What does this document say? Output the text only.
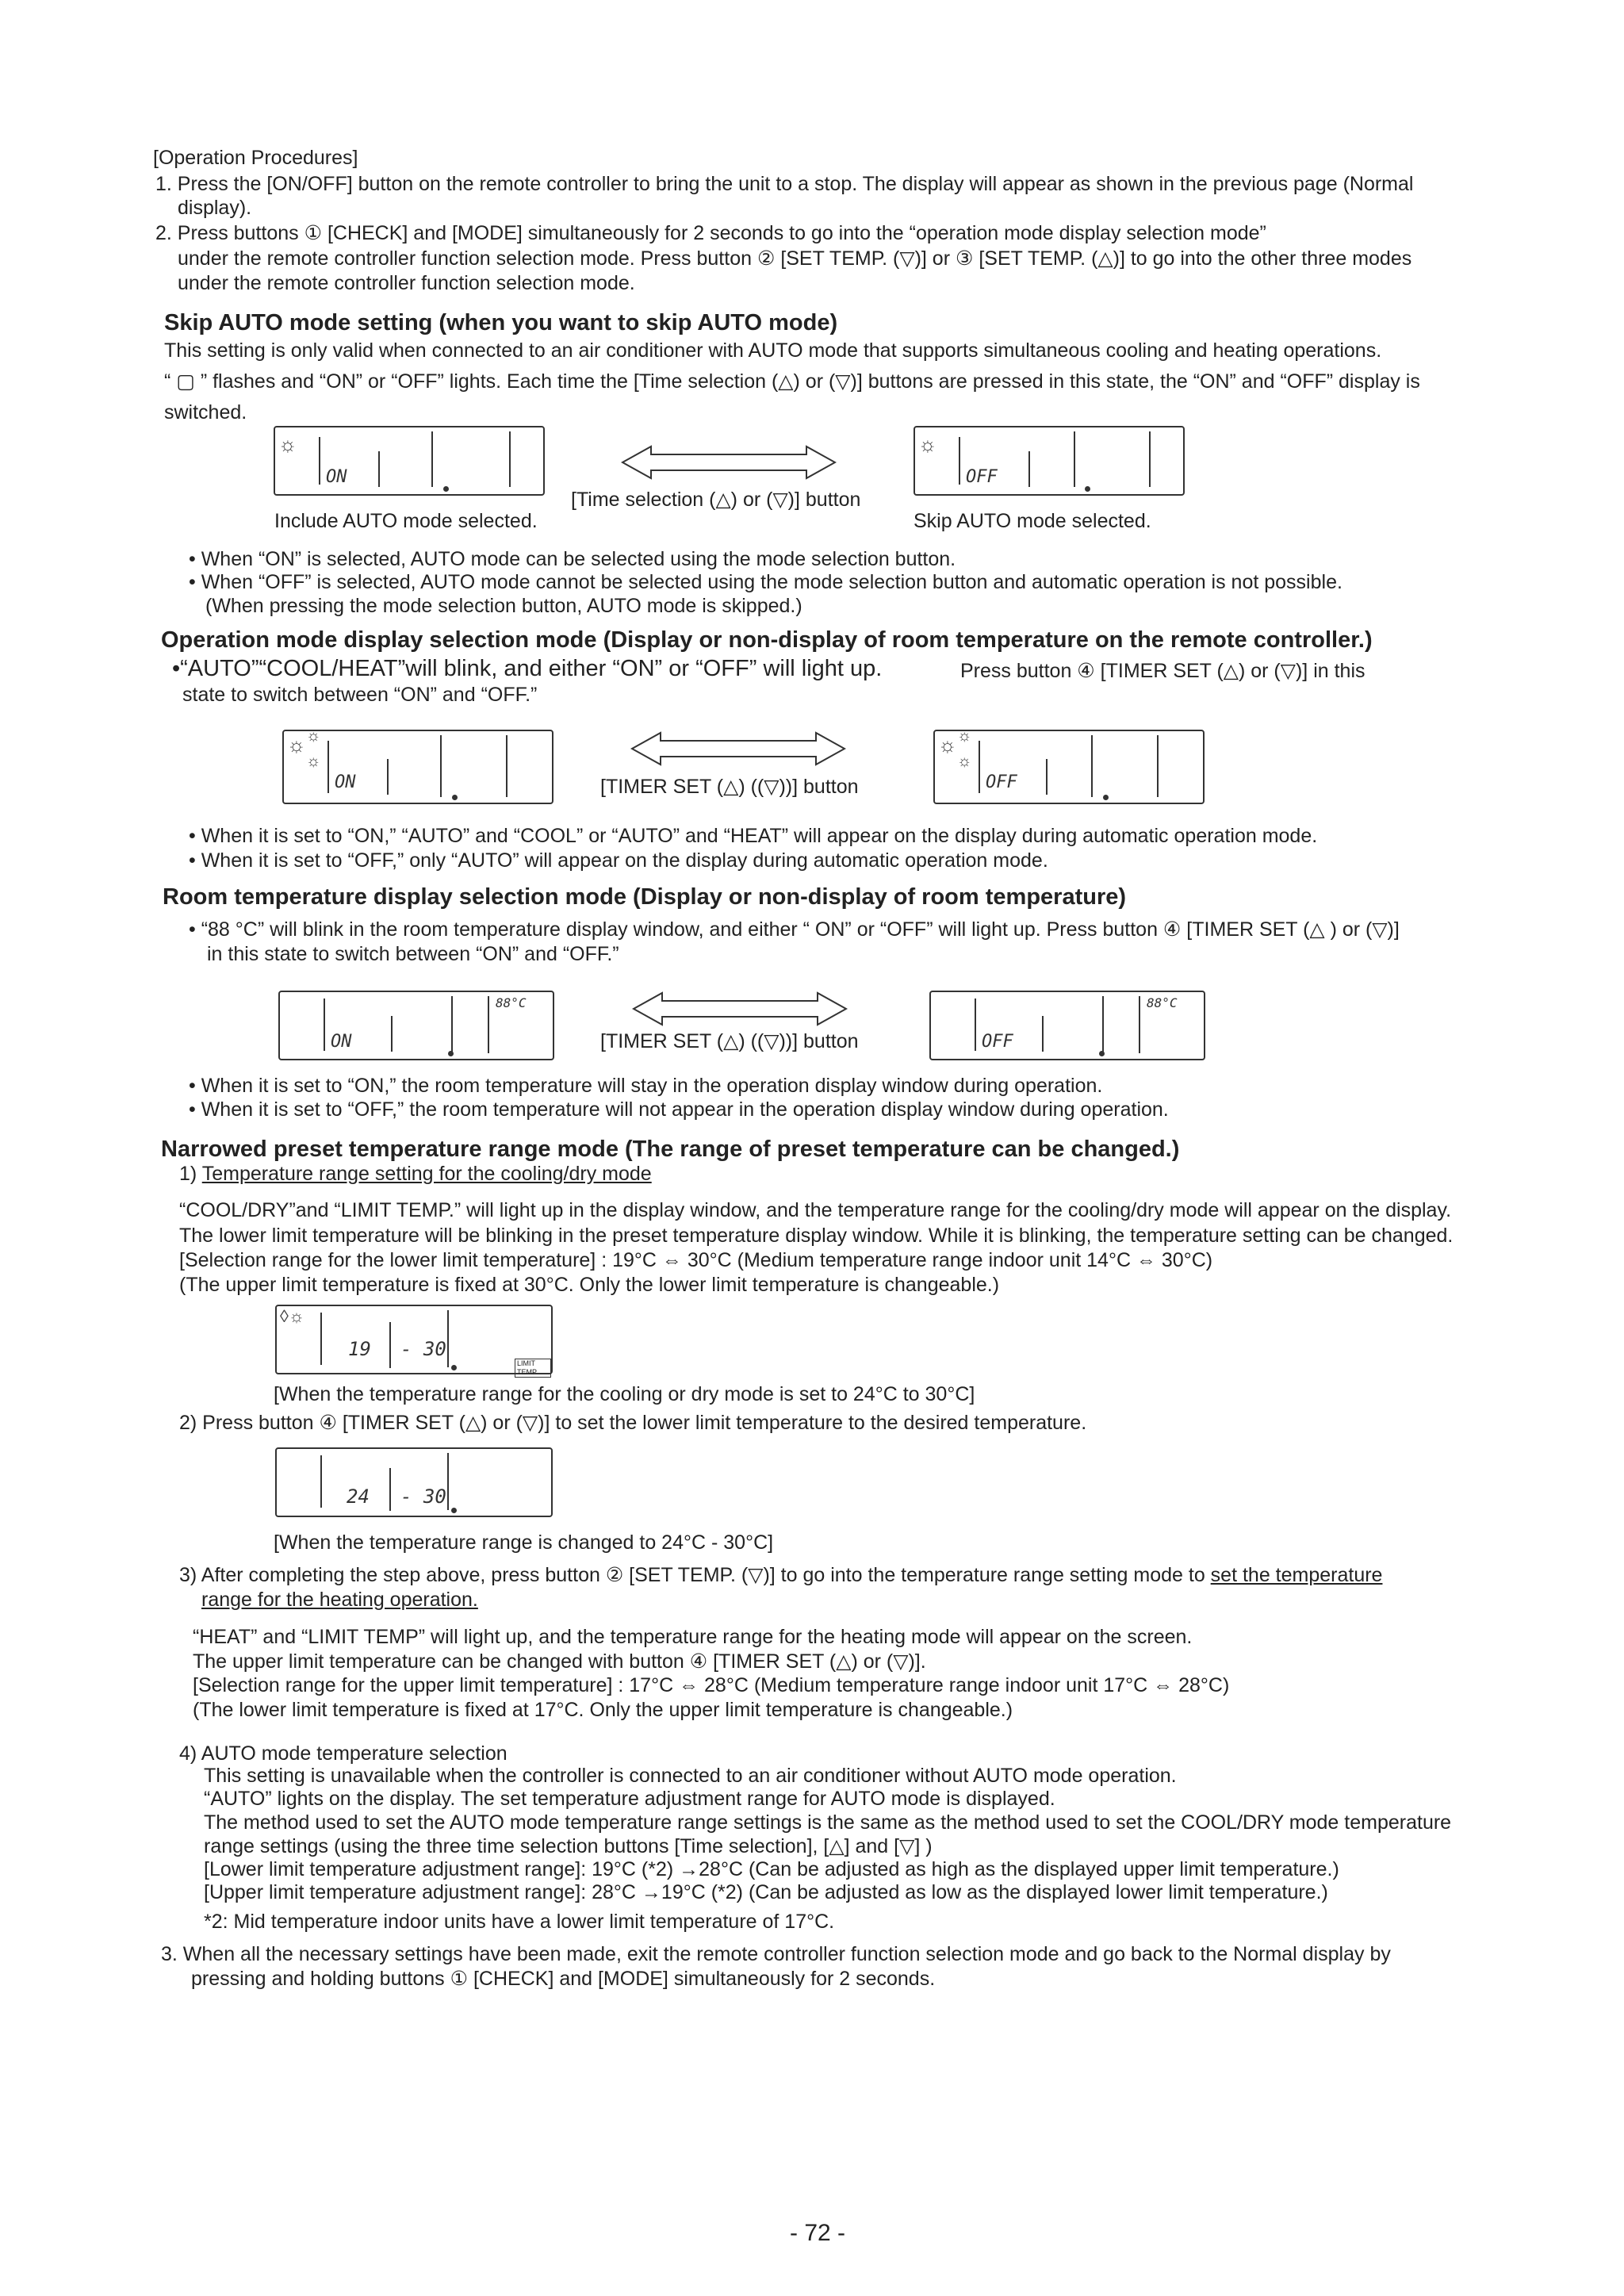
[Operation Procedures]
1. Press the [ON/OFF] button on the remote controller to bring the unit to a stop. The display will appear as shown in the previous page (Normal
display).
2. Press buttons ① [CHECK] and [MODE] simultaneously for 2 seconds to go into the “operation mode display selection mode”
under the remote controller function selection mode. Press button ② [SET TEMP. (▽)] or ③ [SET TEMP. (△)] to go into the other three modes
under the remote controller function selection mode.
Skip AUTO mode setting (when you want to skip AUTO mode)
This setting is only valid when connected to an air conditioner with AUTO mode that supports simultaneous cooling and heating operations.
“ ▢ ” flashes and “ON” or “OFF” lights. Each time the [Time selection (△) or (▽)] buttons are pressed in this state, the “ON” and “OFF” display is
switched.
☼
ON
[Time selection (△) or (▽)] button
Include AUTO mode selected.
☼
OFF
Skip AUTO mode selected.
• When “ON” is selected, AUTO mode can be selected using the mode selection button.
• When “OFF” is selected, AUTO mode cannot be selected using the mode selection button and automatic operation is not possible.
(When pressing the mode selection button, AUTO mode is skipped.)
Operation mode display selection mode (Display or non-display of room temperature on the remote controller.)
•“AUTO”“COOL/HEAT”will blink, and either “ON” or “OFF” will light up.	Press button ④ [TIMER SET (△) or (▽)] in this
state to switch between “ON” and “OFF.”
☼ ☼
☼
ON	[TIMER SET (△) ((▽))] button
☼ ☼
☼
OFF
• When it is set to “ON,” “AUTO” and “COOL” or “AUTO” and “HEAT” will appear on the display during automatic operation mode.
• When it is set to “OFF,” only “AUTO” will appear on the display during automatic operation mode.
Room temperature display selection mode (Display or non-display of room temperature)
• “88 °C” will blink in the room temperature display window, and either “ ON” or “OFF” will light up. Press button ④ [TIMER SET (△ ) or (▽)]
in this state to switch between “ON” and “OFF.”
ON
88°C
[TIMER SET (△) ((▽))] button	OFF
88°C
• When it is set to “ON,” the room temperature will stay in the operation display window during operation.
• When it is set to “OFF,” the room temperature will not appear in the operation display window during operation.
Narrowed preset temperature range mode (The range of preset temperature can be changed.)
1) Temperature range setting for the cooling/dry mode
“COOL/DRY”and “LIMIT TEMP.” will light up in the display window, and the temperature range for the cooling/dry mode will appear on the display.
The lower limit temperature will be blinking in the preset temperature display window. While it is blinking, the temperature setting can be changed.
[Selection range for the lower limit temperature] : 19°C ⇔ 30°C (Medium temperature range indoor unit 14°C ⇔ 30°C)
(The upper limit temperature is fixed at 30°C. Only the lower limit temperature is changeable.)
◊☼
19 - 30
LIMIT TEMP
[When the temperature range for the cooling or dry mode is set to 24°C to 30°C]
2) Press button ④ [TIMER SET (△) or (▽)] to set the lower limit temperature to the desired temperature.
24 - 30
[When the temperature range is changed to 24°C - 30°C]
3) After completing the step above, press button ② [SET TEMP. (▽)] to go into the temperature range setting mode to set the temperature
range for the heating operation.
“HEAT” and “LIMIT TEMP” will light up, and the temperature range for the heating mode will appear on the screen.
The upper limit temperature can be changed with button ④ [TIMER SET (△) or (▽)].
[Selection range for the upper limit temperature] : 17°C ⇔ 28°C (Medium temperature range indoor unit 17°C ⇔ 28°C)
(The lower limit temperature is fixed at 17°C. Only the upper limit temperature is changeable.)
4) AUTO mode temperature selection
This setting is unavailable when the controller is connected to an air conditioner without AUTO mode operation.
“AUTO” lights on the display. The set temperature adjustment range for AUTO mode is displayed.
The method used to set the AUTO mode temperature range settings is the same as the method used to set the COOL/DRY mode temperature
range settings (using the three time selection buttons [Time selection], [△] and [▽] )
[Lower limit temperature adjustment range]: 19°C (*2) →28°C (Can be adjusted as high as the displayed upper limit temperature.)
[Upper limit temperature adjustment range]: 28°C →19°C (*2) (Can be adjusted as low as the displayed lower limit temperature.)
*2: Mid temperature indoor units have a lower limit temperature of 17°C.
3. When all the necessary settings have been made, exit the remote controller function selection mode and go back to the Normal display by
pressing and holding buttons ① [CHECK] and [MODE] simultaneously for 2 seconds.
- 72 -
